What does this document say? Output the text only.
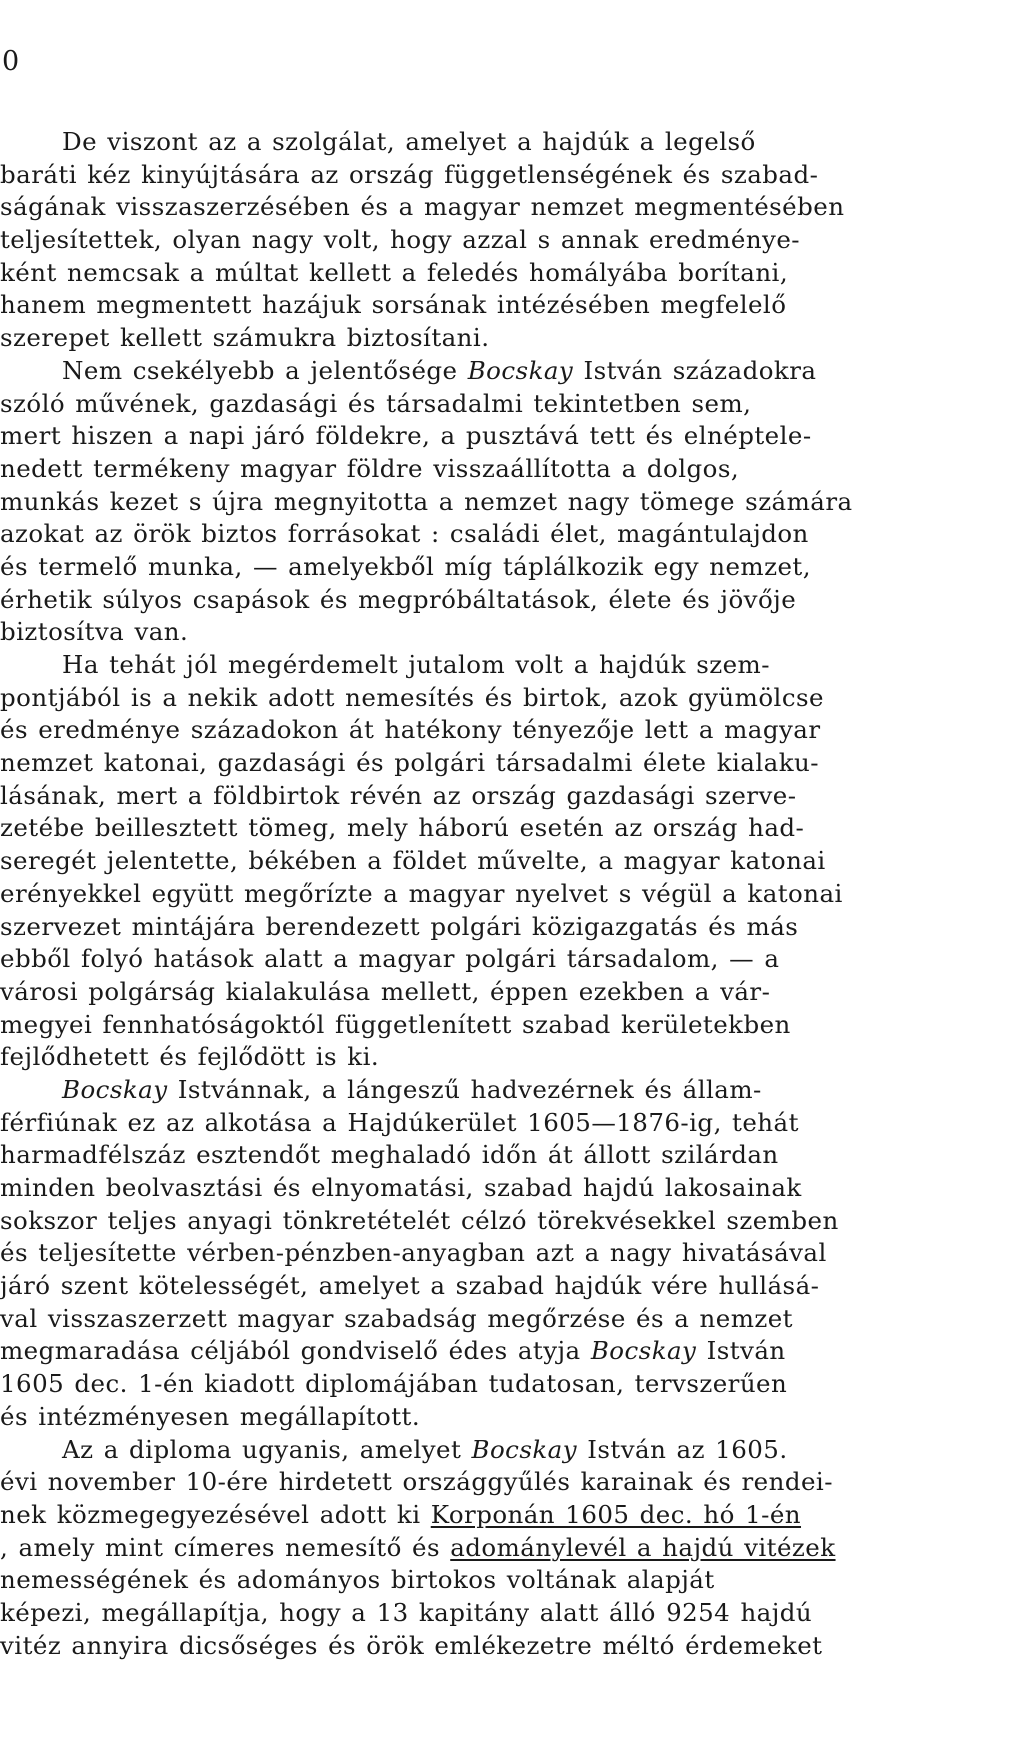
0
De viszont az a szolgálat, amelyet a hajdúk a legelső
baráti kéz kinyújtására az ország függetlenségének és szabad-
ságának visszaszerzésében és a magyar nemzet megmentésében
teljesítettek, olyan nagy volt, hogy azzal s annak eredménye-
ként nemcsak a múltat kellett a feledés homályába borítani,
hanem megmentett hazájuk sorsának intézésében megfelelő
szerepet kellett számukra biztosítani.
Nem csekélyebb a jelentősége Bocskay István századokra
szóló művének, gazdasági és társadalmi tekintetben sem,
mert hiszen a napi járó földekre, a pusztává tett és elnéptele-
nedett termékeny magyar földre visszaállította a dolgos,
munkás kezet s újra megnyitotta a nemzet nagy tömege számára
azokat az örök biztos forrásokat : családi élet, magántulajdon
és termelő munka, — amelyekből míg táplálkozik egy nemzet,
érhetik súlyos csapások és megpróbáltatások, élete és jövője
biztosítva van.
Ha tehát jól megérdemelt jutalom volt a hajdúk szem-
pontjából is a nekik adott nemesítés és birtok, azok gyümölcse
és eredménye századokon át hatékony tényezője lett a magyar
nemzet katonai, gazdasági és polgári társadalmi élete kialaku-
lásának, mert a földbirtok révén az ország gazdasági szerve-
zetébe beillesztett tömeg, mely háború esetén az ország had-
seregét jelentette, békében a földet művelte, a magyar katonai
erényekkel együtt megőrízte a magyar nyelvet s végül a katonai
szervezet mintájára berendezett polgári közigazgatás és más
ebből folyó hatások alatt a magyar polgári társadalom, — a
városi polgárság kialakulása mellett, éppen ezekben a vár-
megyei fennhatóságoktól függetlenített szabad kerületekben
fejlődhetett és fejlődött is ki.
Bocskay Istvánnak, a lángeszű hadvezérnek és állam-
férfiúnak ez az alkotása a Hajdúkerület 1605—1876-ig, tehát
harmadfélszáz esztendőt meghaladó időn át állott szilárdan
minden beolvasztási és elnyomatási, szabad hajdú lakosainak
sokszor teljes anyagi tönkretételét célzó törekvésekkel szemben
és teljesítette vérben-pénzben-anyagban azt a nagy hivatásával
járó szent kötelességét, amelyet a szabad hajdúk vére hullásá-
val visszaszerzett magyar szabadság megőrzése és a nemzet
megmaradása céljából gondviselő édes atyja Bocskay István
1605 dec. 1-én kiadott diplomájában tudatosan, tervszerűen
és intézményesen megállapított.
Az a diploma ugyanis, amelyet Bocskay István az 1605.
évi november 10-ére hirdetett országgyűlés karainak és rendei-
nek közmegegyezésével adott ki Korponán 1605 dec. hó 1-én
, amely mint címeres nemesítő és adománylevél a hajdú vitézek
nemességének és adományos birtokos voltának alapját
képezi, megállapítja, hogy a 13 kapitány alatt álló 9254 hajdú
vitéz annyira dicsőséges és örök emlékezetre méltó érdemeket
